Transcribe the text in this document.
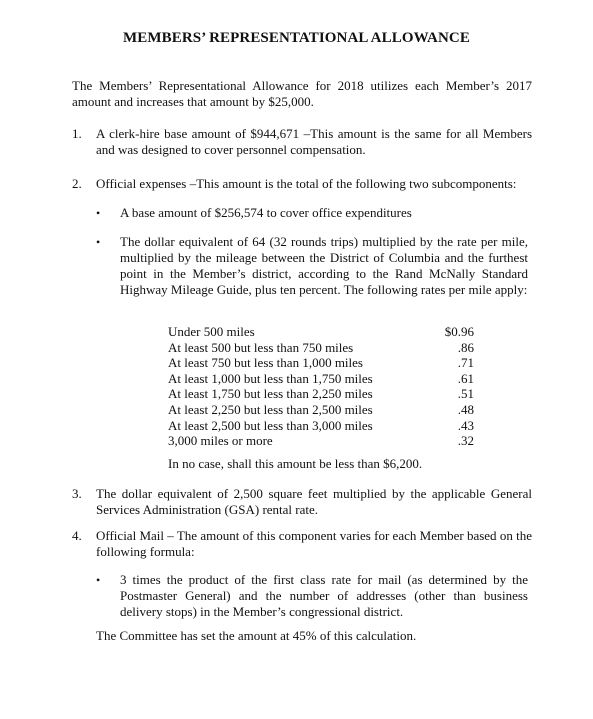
MEMBERS’ REPRESENTATIONAL ALLOWANCE
The Members’ Representational Allowance for 2018 utilizes each Member’s 2017 amount and increases that amount by $25,000.
1.	A clerk-hire base amount of $944,671 –This amount is the same for all Members and was designed to cover personnel compensation.
2.	Official expenses –This amount is the total of the following two subcomponents:
• A base amount of $256,574 to cover office expenditures
• The dollar equivalent of 64 (32 rounds trips) multiplied by the rate per mile, multiplied by the mileage between the District of Columbia and the furthest point in the Member’s district, according to the Rand McNally Standard Highway Mileage Guide, plus ten percent. The following rates per mile apply:
Under 500 miles	$0.96
At least 500 but less than 750 miles	.86
At least 750 but less than 1,000 miles	.71
At least 1,000 but less than 1,750 miles	.61
At least 1,750 but less than 2,250 miles	.51
At least 2,250 but less than 2,500 miles	.48
At least 2,500 but less than 3,000 miles	.43
3,000 miles or more	.32
In no case, shall this amount be less than $6,200.
3.	The dollar equivalent of 2,500 square feet multiplied by the applicable General Services Administration (GSA) rental rate.
4.	Official Mail – The amount of this component varies for each Member based on the following formula:
• 3 times the product of the first class rate for mail (as determined by the Postmaster General) and the number of addresses (other than business delivery stops) in the Member’s congressional district.
The Committee has set the amount at 45% of this calculation.
